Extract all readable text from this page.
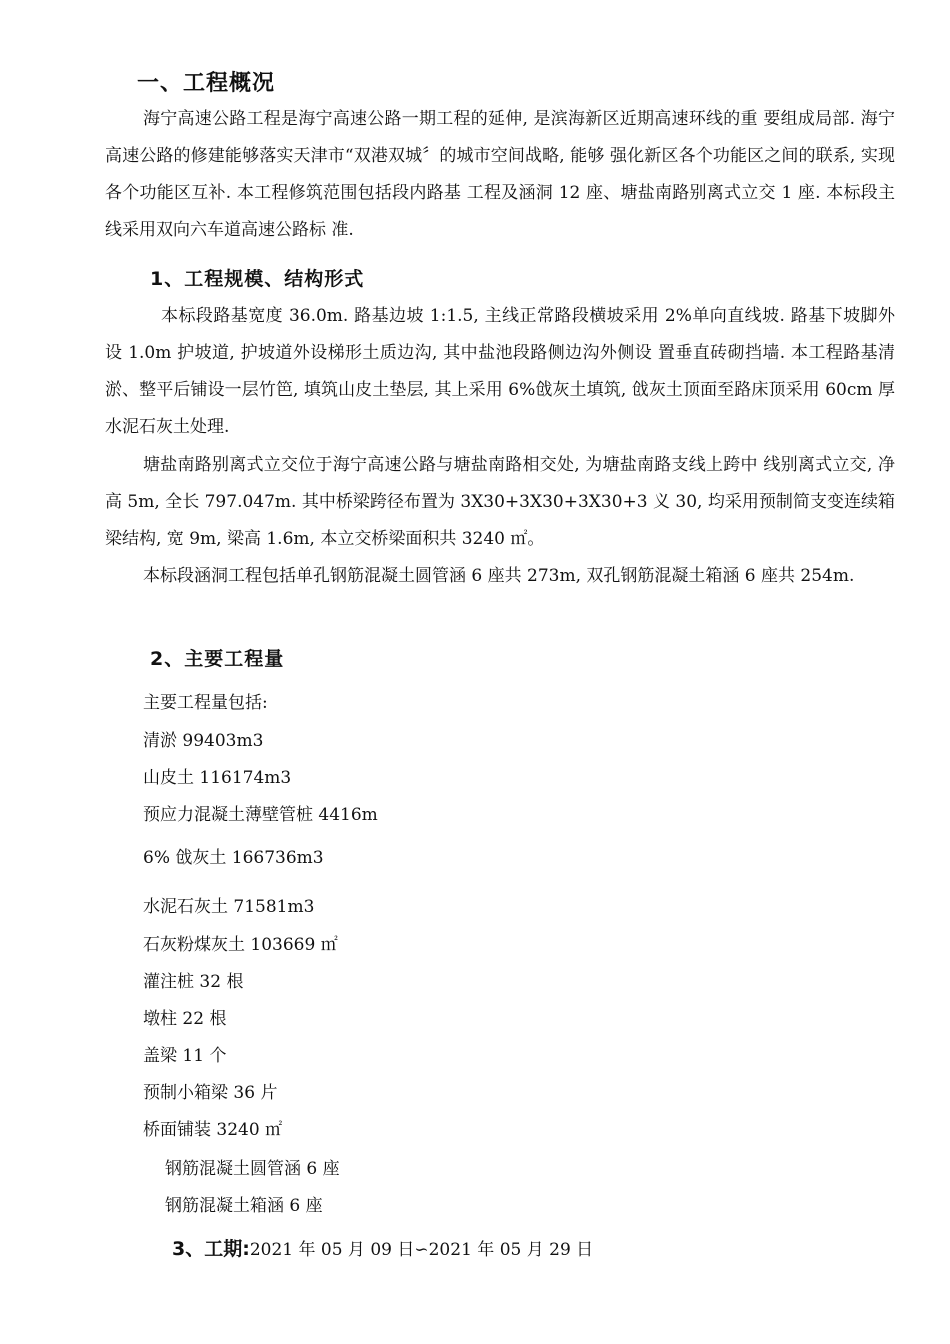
一、工程概况
海宁高速公路工程是海宁高速公路一期工程的延伸, 是滨海新区近期高速环线的重 要组成局部. 海宁高速公路的修建能够落实天津市“双港双城〞的城市空间战略, 能够 强化新区各个功能区之间的联系, 实现各个功能区互补. 本工程修筑范围包括段内路基 工程及涵洞 12 座、塘盐南路别离式立交 1 座. 本标段主线采用双向六车道高速公路标 准.
1、工程规模、结构形式
本标段路基宽度 36.0m. 路基边坡 1:1.5, 主线正常路段横坡采用 2%单向直线坡. 路基下坡脚外设 1.0m 护坡道, 护坡道外设梯形土质边沟, 其中盐池段路侧边沟外侧设 置垂直砖砌挡墙. 本工程路基清淤、整平后铺设一层竹笆, 填筑山皮土垫层, 其上采用 6%戗灰土填筑, 戗灰土顶面至路床顶采用 60cm 厚水泥石灰土处理.
塘盐南路别离式立交位于海宁高速公路与塘盐南路相交处, 为塘盐南路支线上跨中 线别离式立交, 净高 5m, 全长 797.047m. 其中桥梁跨径布置为 3X30+3X30+3X30+3 义 30, 均采用预制简支变连续箱梁结构, 宽 9m, 梁高 1.6m, 本立交桥梁面积共 3240 ㎡。
本标段涵洞工程包括单孔钢筋混凝土圆管涵 6 座共 273m, 双孔钢筋混凝土箱涵 6 座共 254m.
2、主要工程量
主要工程量包括:
清淤 99403m3
山皮土 116174m3
预应力混凝土薄壁管桩 4416m
6% 戗灰土 166736m3
水泥石灰土 71581m3
石灰粉煤灰土 103669 ㎡
灌注桩 32 根
墩柱 22 根
盖梁 11 个
预制小箱梁 36 片
桥面铺装 3240 ㎡
钢筋混凝土圆管涵 6 座
钢筋混凝土箱涵 6 座
3、工期:2021 年 05 月 09 日∽2021 年 05 月 29 日
